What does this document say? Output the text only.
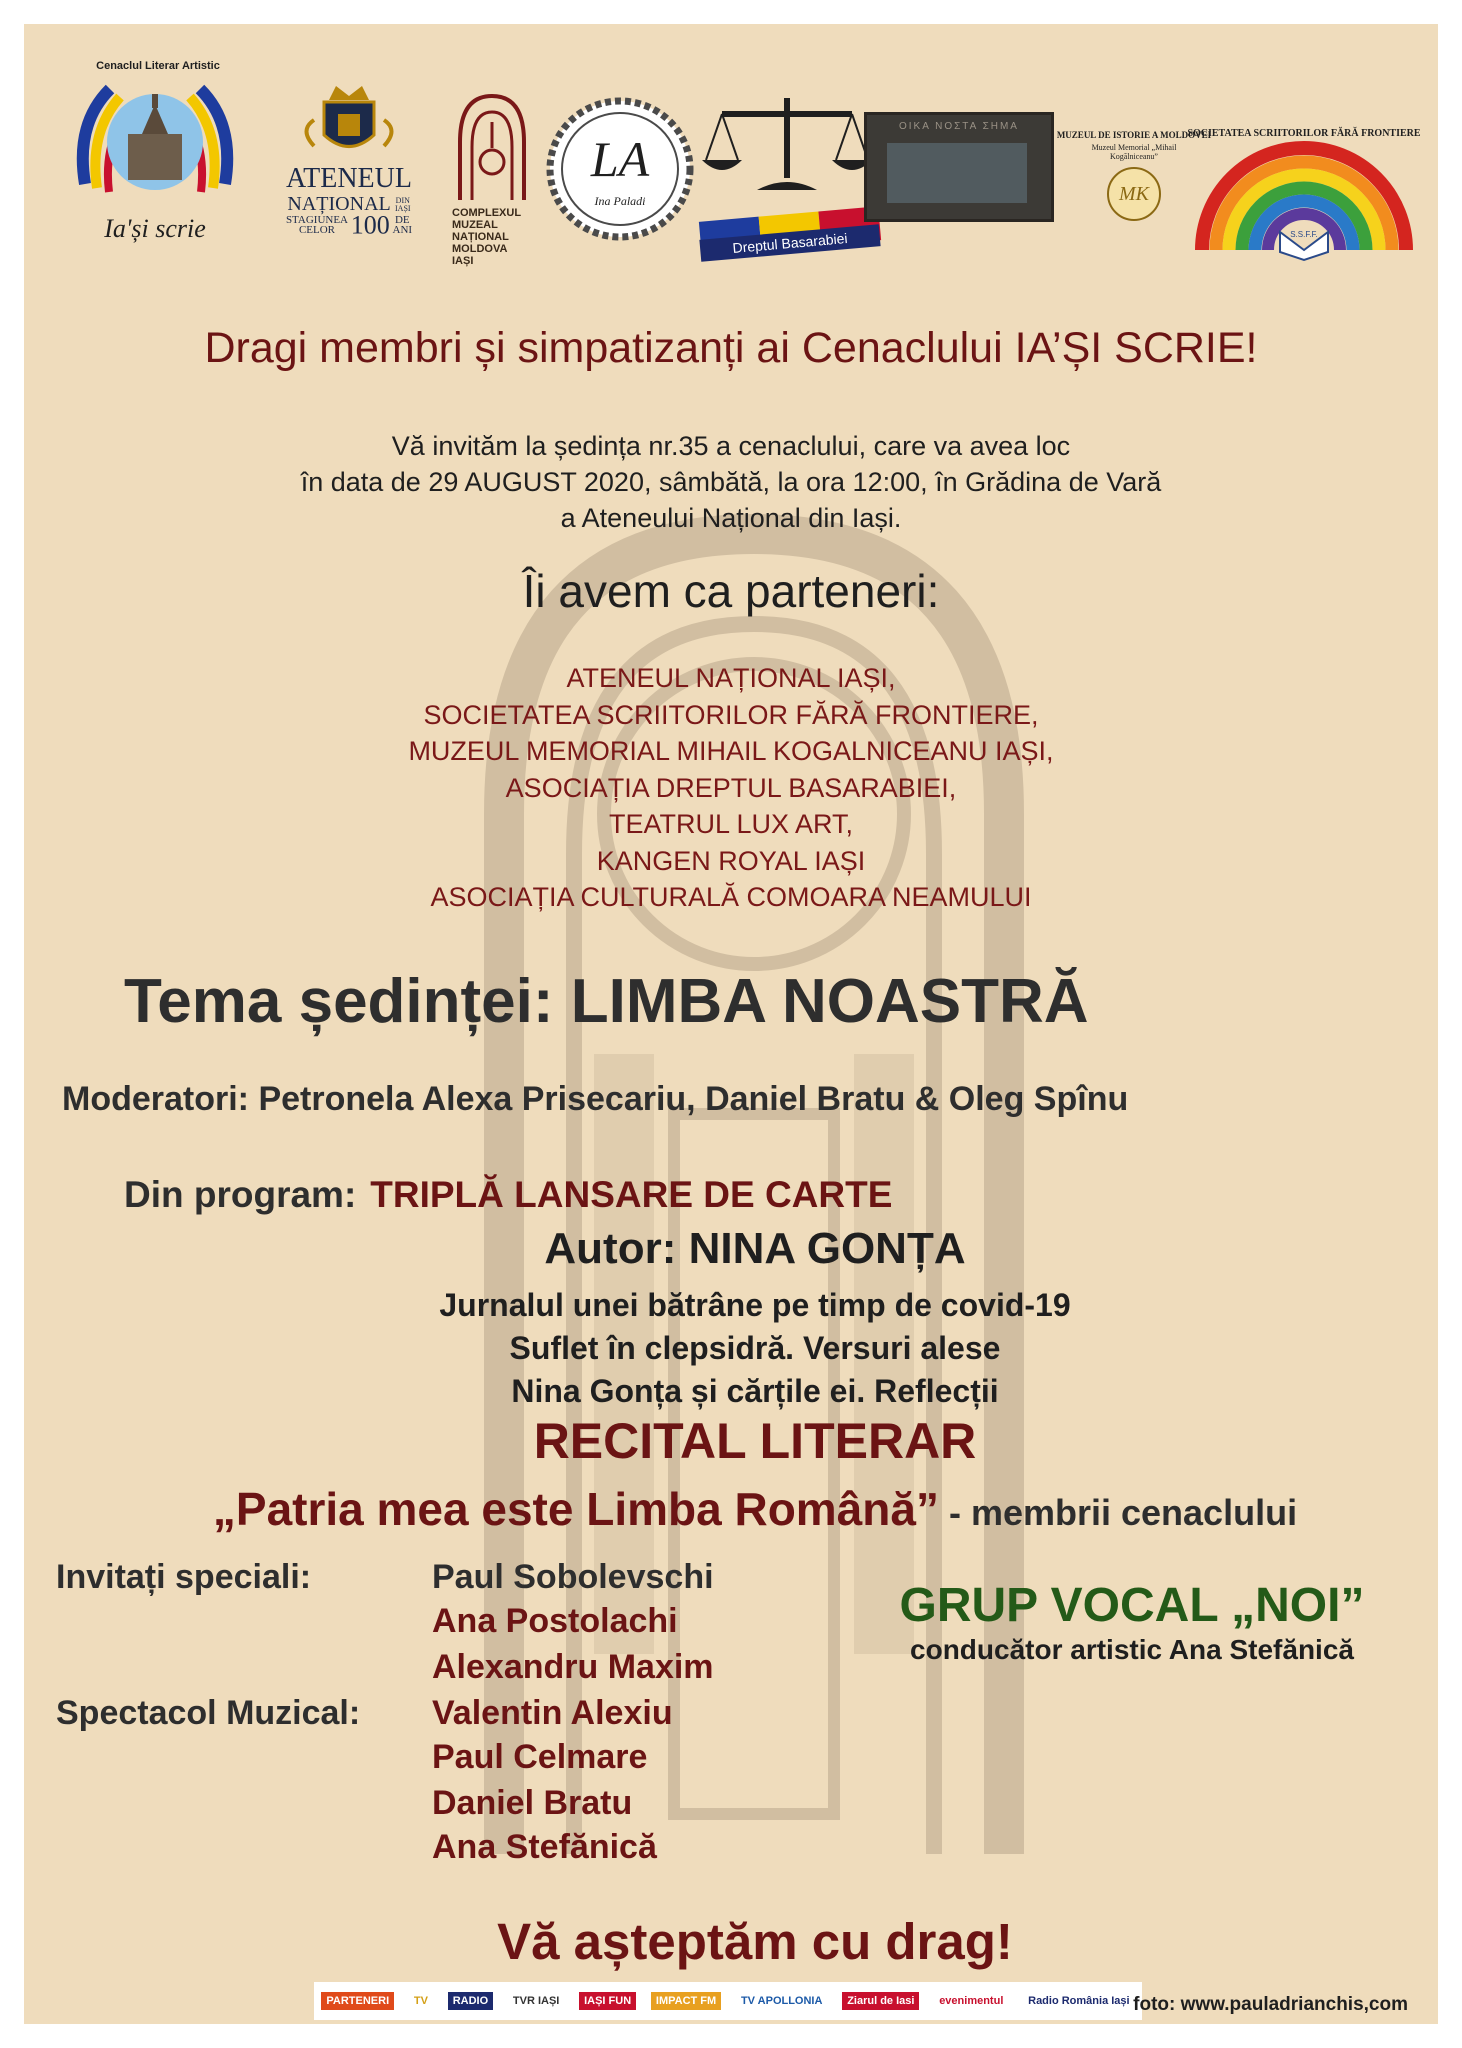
Cenaclul Literar Artistic
Ia'și scrie
ATENEUL
NAȚIONAL DIN
IAȘI
STAGIUNEA
CELOR 100 DE
ANI
COMPLEXUL
MUZEAL
NAȚIONAL
MOLDOVA
IAȘI
LA
Ina Paladi
Dreptul Basarabiei
ΟΙΚΑ ΝΟΣΤΑ ΣΗΜΑ
MUZEUL DE ISTORIE A MOLDOVEI
Muzeul Memorial „Mihail Kogălniceanu”
MK
SOCIETATEA SCRIITORILOR FĂRĂ FRONTIERE
S.S.F.F.
Dragi membri și simpatizanți ai Cenaclului IA’ȘI SCRIE!
Vă invităm la ședința nr.35 a cenaclului, care va avea loc
în data de 29 AUGUST 2020, sâmbătă, la ora 12:00, în Grădina de Vară
a Ateneului Național din Iași.
Îi avem ca parteneri:
ATENEUL NAȚIONAL IAȘI,
SOCIETATEA SCRIITORILOR FĂRĂ FRONTIERE,
MUZEUL MEMORIAL MIHAIL KOGALNICEANU IAȘI,
ASOCIAȚIA DREPTUL BASARABIEI,
TEATRUL LUX ART,
KANGEN ROYAL IAȘI
ASOCIAȚIA CULTURALĂ COMOARA NEAMULUI
Tema ședinței: LIMBA NOASTRĂ
Moderatori: Petronela Alexa Prisecariu, Daniel Bratu & Oleg Spînu
Din program: TRIPLĂ LANSARE DE CARTE
Autor: NINA GONȚA
Jurnalul unei bătrâne pe timp de covid-19
Suflet în clepsidră. Versuri alese
Nina Gonța și cărțile ei. Reflecții
RECITAL LITERAR
„Patria mea este Limba Română” - membrii cenaclului
Invitați speciali:	Paul Sobolevschi
Ana Postolachi
Alexandru Maxim
Spectacol Muzical: Valentin Alexiu
Paul Celmare
Daniel Bratu
Ana Stefănică
GRUP VOCAL „NOI”
conducător artistic Ana Stefănică
Vă așteptăm cu drag!
PARTENERI	TV	RADIO	TVR IAȘI	IAȘI FUN	IMPACT FM	TV APOLLONIA	Ziarul de Iasi	evenimentul	Radio România Iași foto: www.pauladrianchis,com
